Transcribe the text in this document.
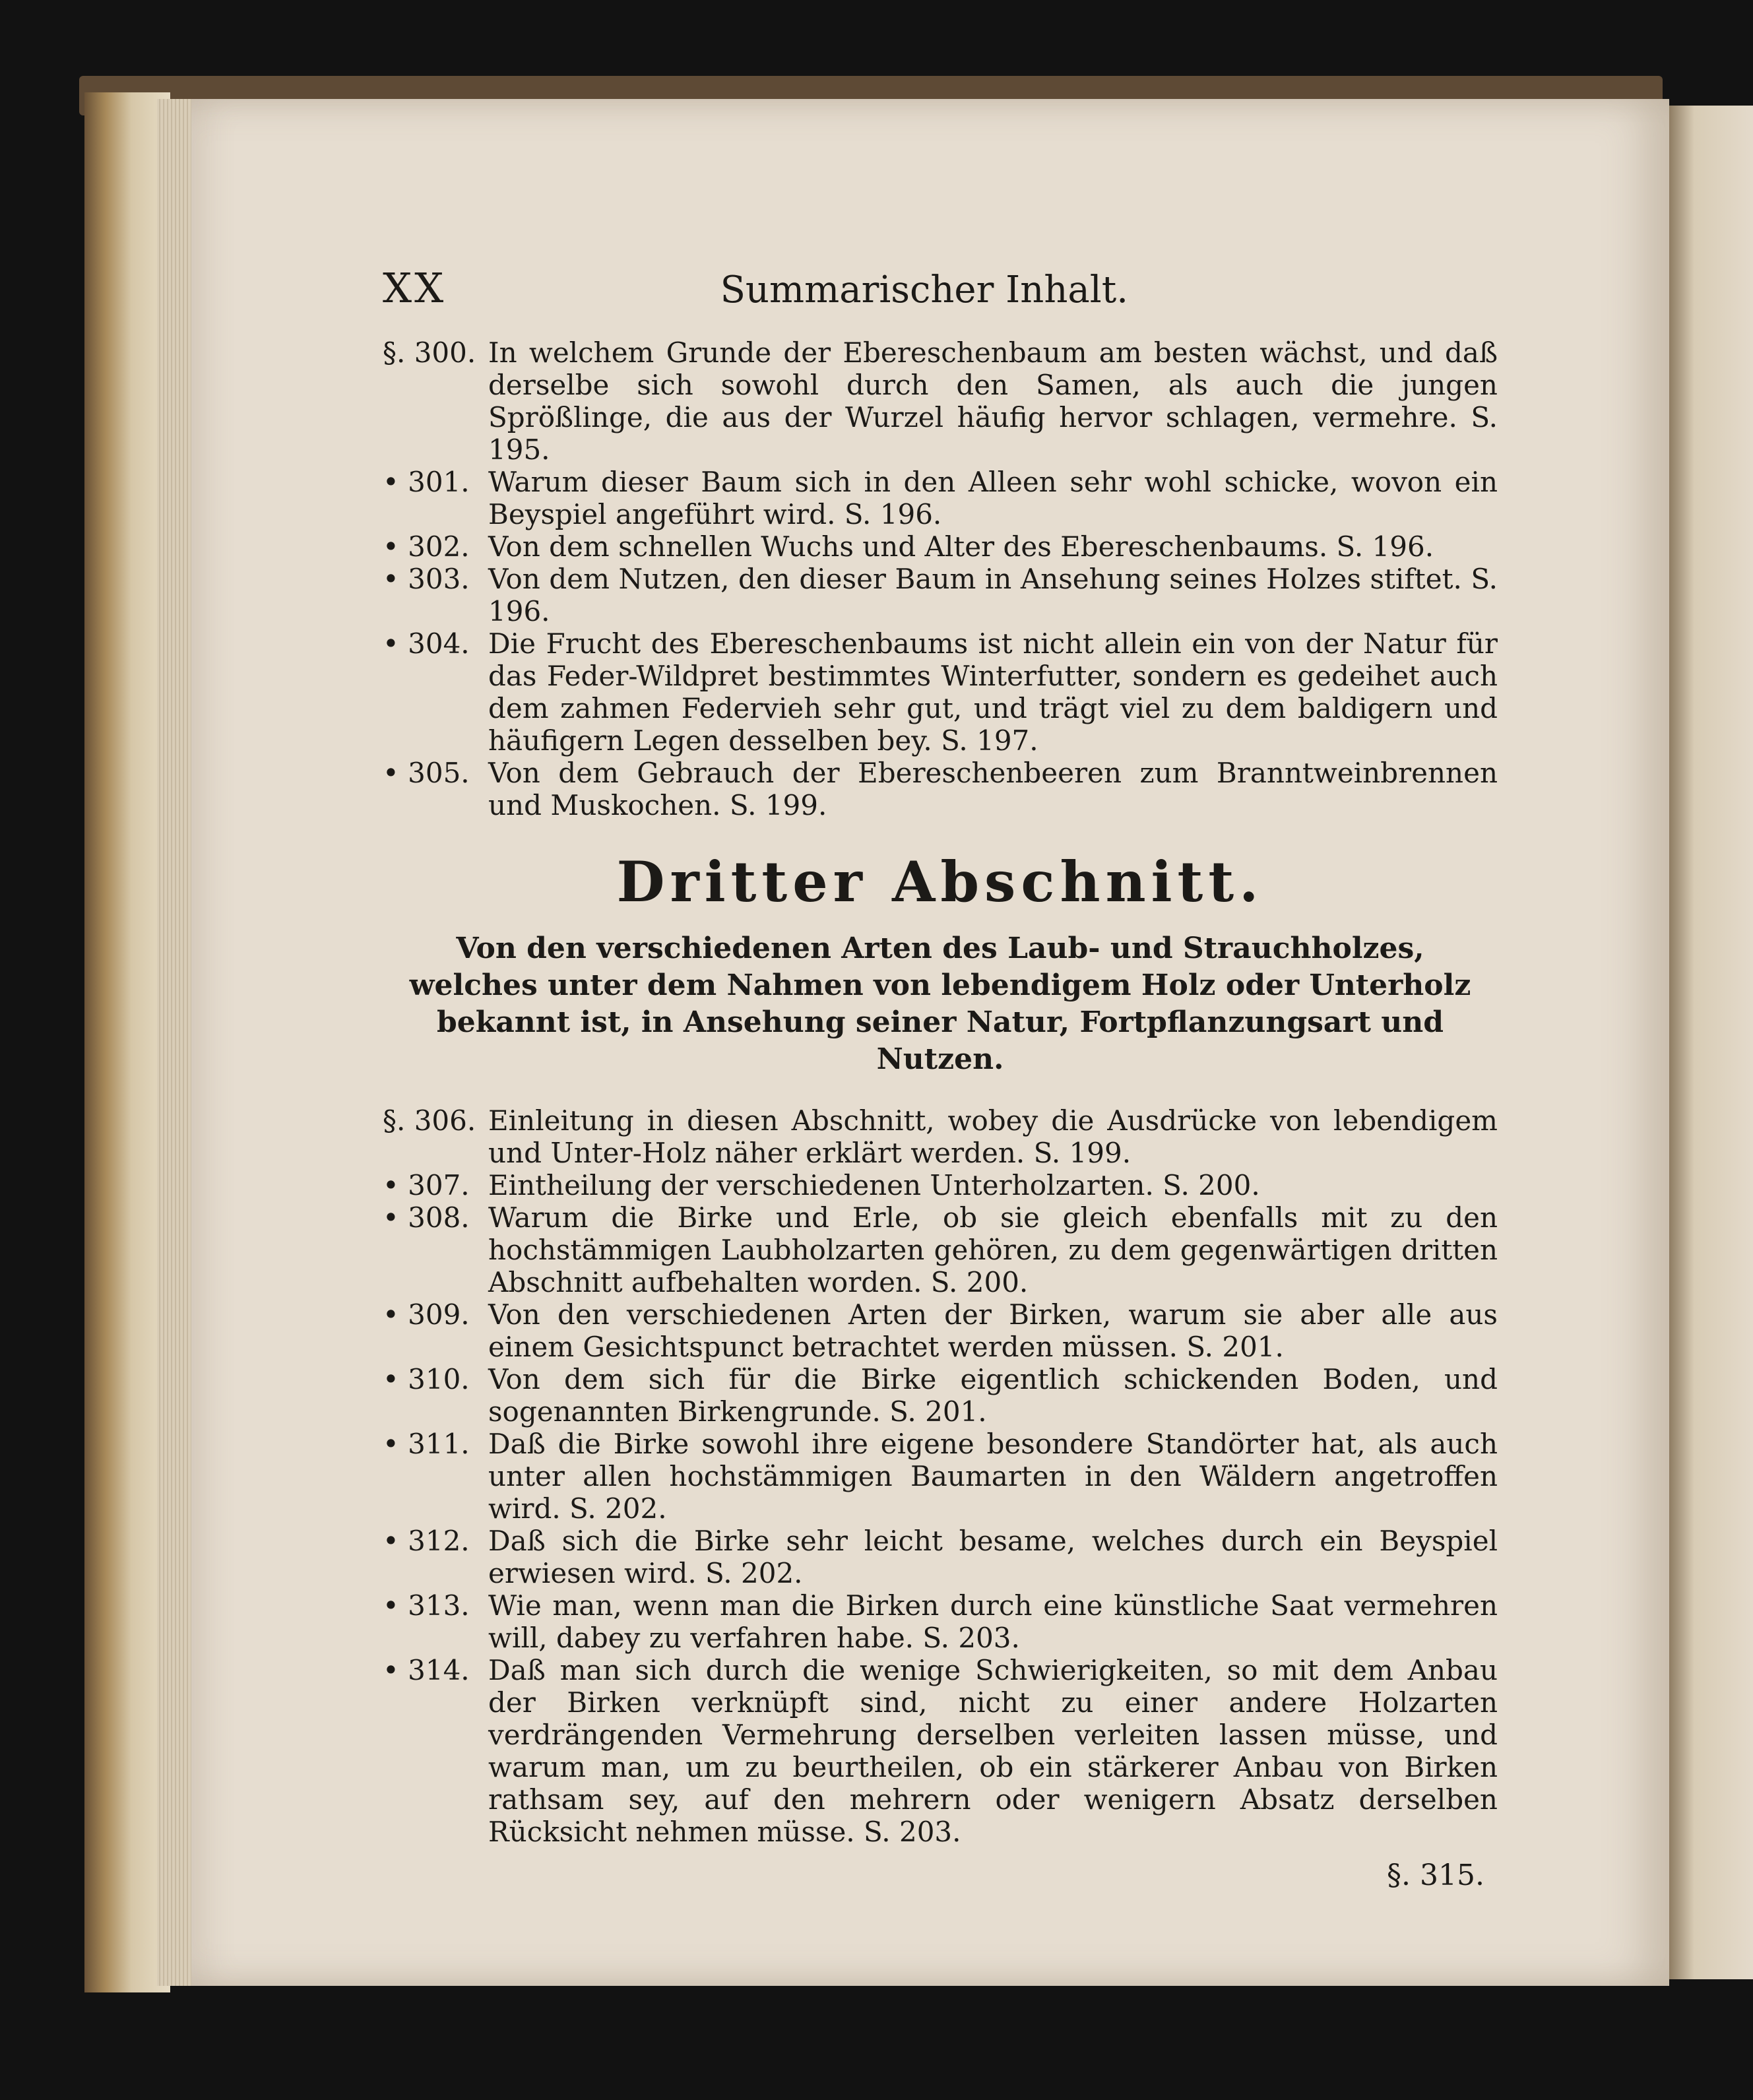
XX	Summarischer Inhalt.
§. 300. In welchem Grunde der Ebereschenbaum am besten wächst, und daß derselbe sich sowohl durch den Samen, als auch die jungen Sprößlinge, die aus der Wurzel häufig hervor schlagen, vermehre. S. 195.
• 301. Warum dieser Baum sich in den Alleen sehr wohl schicke, wovon ein Beyspiel angeführt wird. S. 196.
• 302. Von dem schnellen Wuchs und Alter des Ebereschenbaums. S. 196.
• 303. Von dem Nutzen, den dieser Baum in Ansehung seines Holzes stiftet. S. 196.
• 304. Die Frucht des Ebereschenbaums ist nicht allein ein von der Natur für das Feder-Wildpret bestimmtes Winterfutter, sondern es gedeihet auch dem zahmen Federvieh sehr gut, und trägt viel zu dem baldigern und häufigern Legen desselben bey. S. 197.
• 305. Von dem Gebrauch der Ebereschenbeeren zum Branntweinbrennen und Muskochen. S. 199.
Dritter Abschnitt.
Von den verschiedenen Arten des Laub- und Strauchholzes, welches unter dem Nahmen von lebendigem Holz oder Unterholz bekannt ist, in Ansehung seiner Natur, Fortpflanzungsart und Nutzen.
§. 306. Einleitung in diesen Abschnitt, wobey die Ausdrücke von lebendigem und Unter-Holz näher erklärt werden. S. 199.
• 307. Eintheilung der verschiedenen Unterholzarten. S. 200.
• 308. Warum die Birke und Erle, ob sie gleich ebenfalls mit zu den hochstämmigen Laubholzarten gehören, zu dem gegenwärtigen dritten Abschnitt aufbehalten worden. S. 200.
• 309. Von den verschiedenen Arten der Birken, warum sie aber alle aus einem Gesichtspunct betrachtet werden müssen. S. 201.
• 310. Von dem sich für die Birke eigentlich schickenden Boden, und sogenannten Birkengrunde. S. 201.
• 311. Daß die Birke sowohl ihre eigene besondere Standörter hat, als auch unter allen hochstämmigen Baumarten in den Wäldern angetroffen wird. S. 202.
• 312. Daß sich die Birke sehr leicht besame, welches durch ein Beyspiel erwiesen wird. S. 202.
• 313. Wie man, wenn man die Birken durch eine künstliche Saat vermehren will, dabey zu verfahren habe. S. 203.
• 314. Daß man sich durch die wenige Schwierigkeiten, so mit dem Anbau der Birken verknüpft sind, nicht zu einer andere Holzarten verdrängenden Vermehrung derselben verleiten lassen müsse, und warum man, um zu beurtheilen, ob ein stärkerer Anbau von Birken rathsam sey, auf den mehrern oder wenigern Absatz derselben Rücksicht nehmen müsse. S. 203.
§. 315.
